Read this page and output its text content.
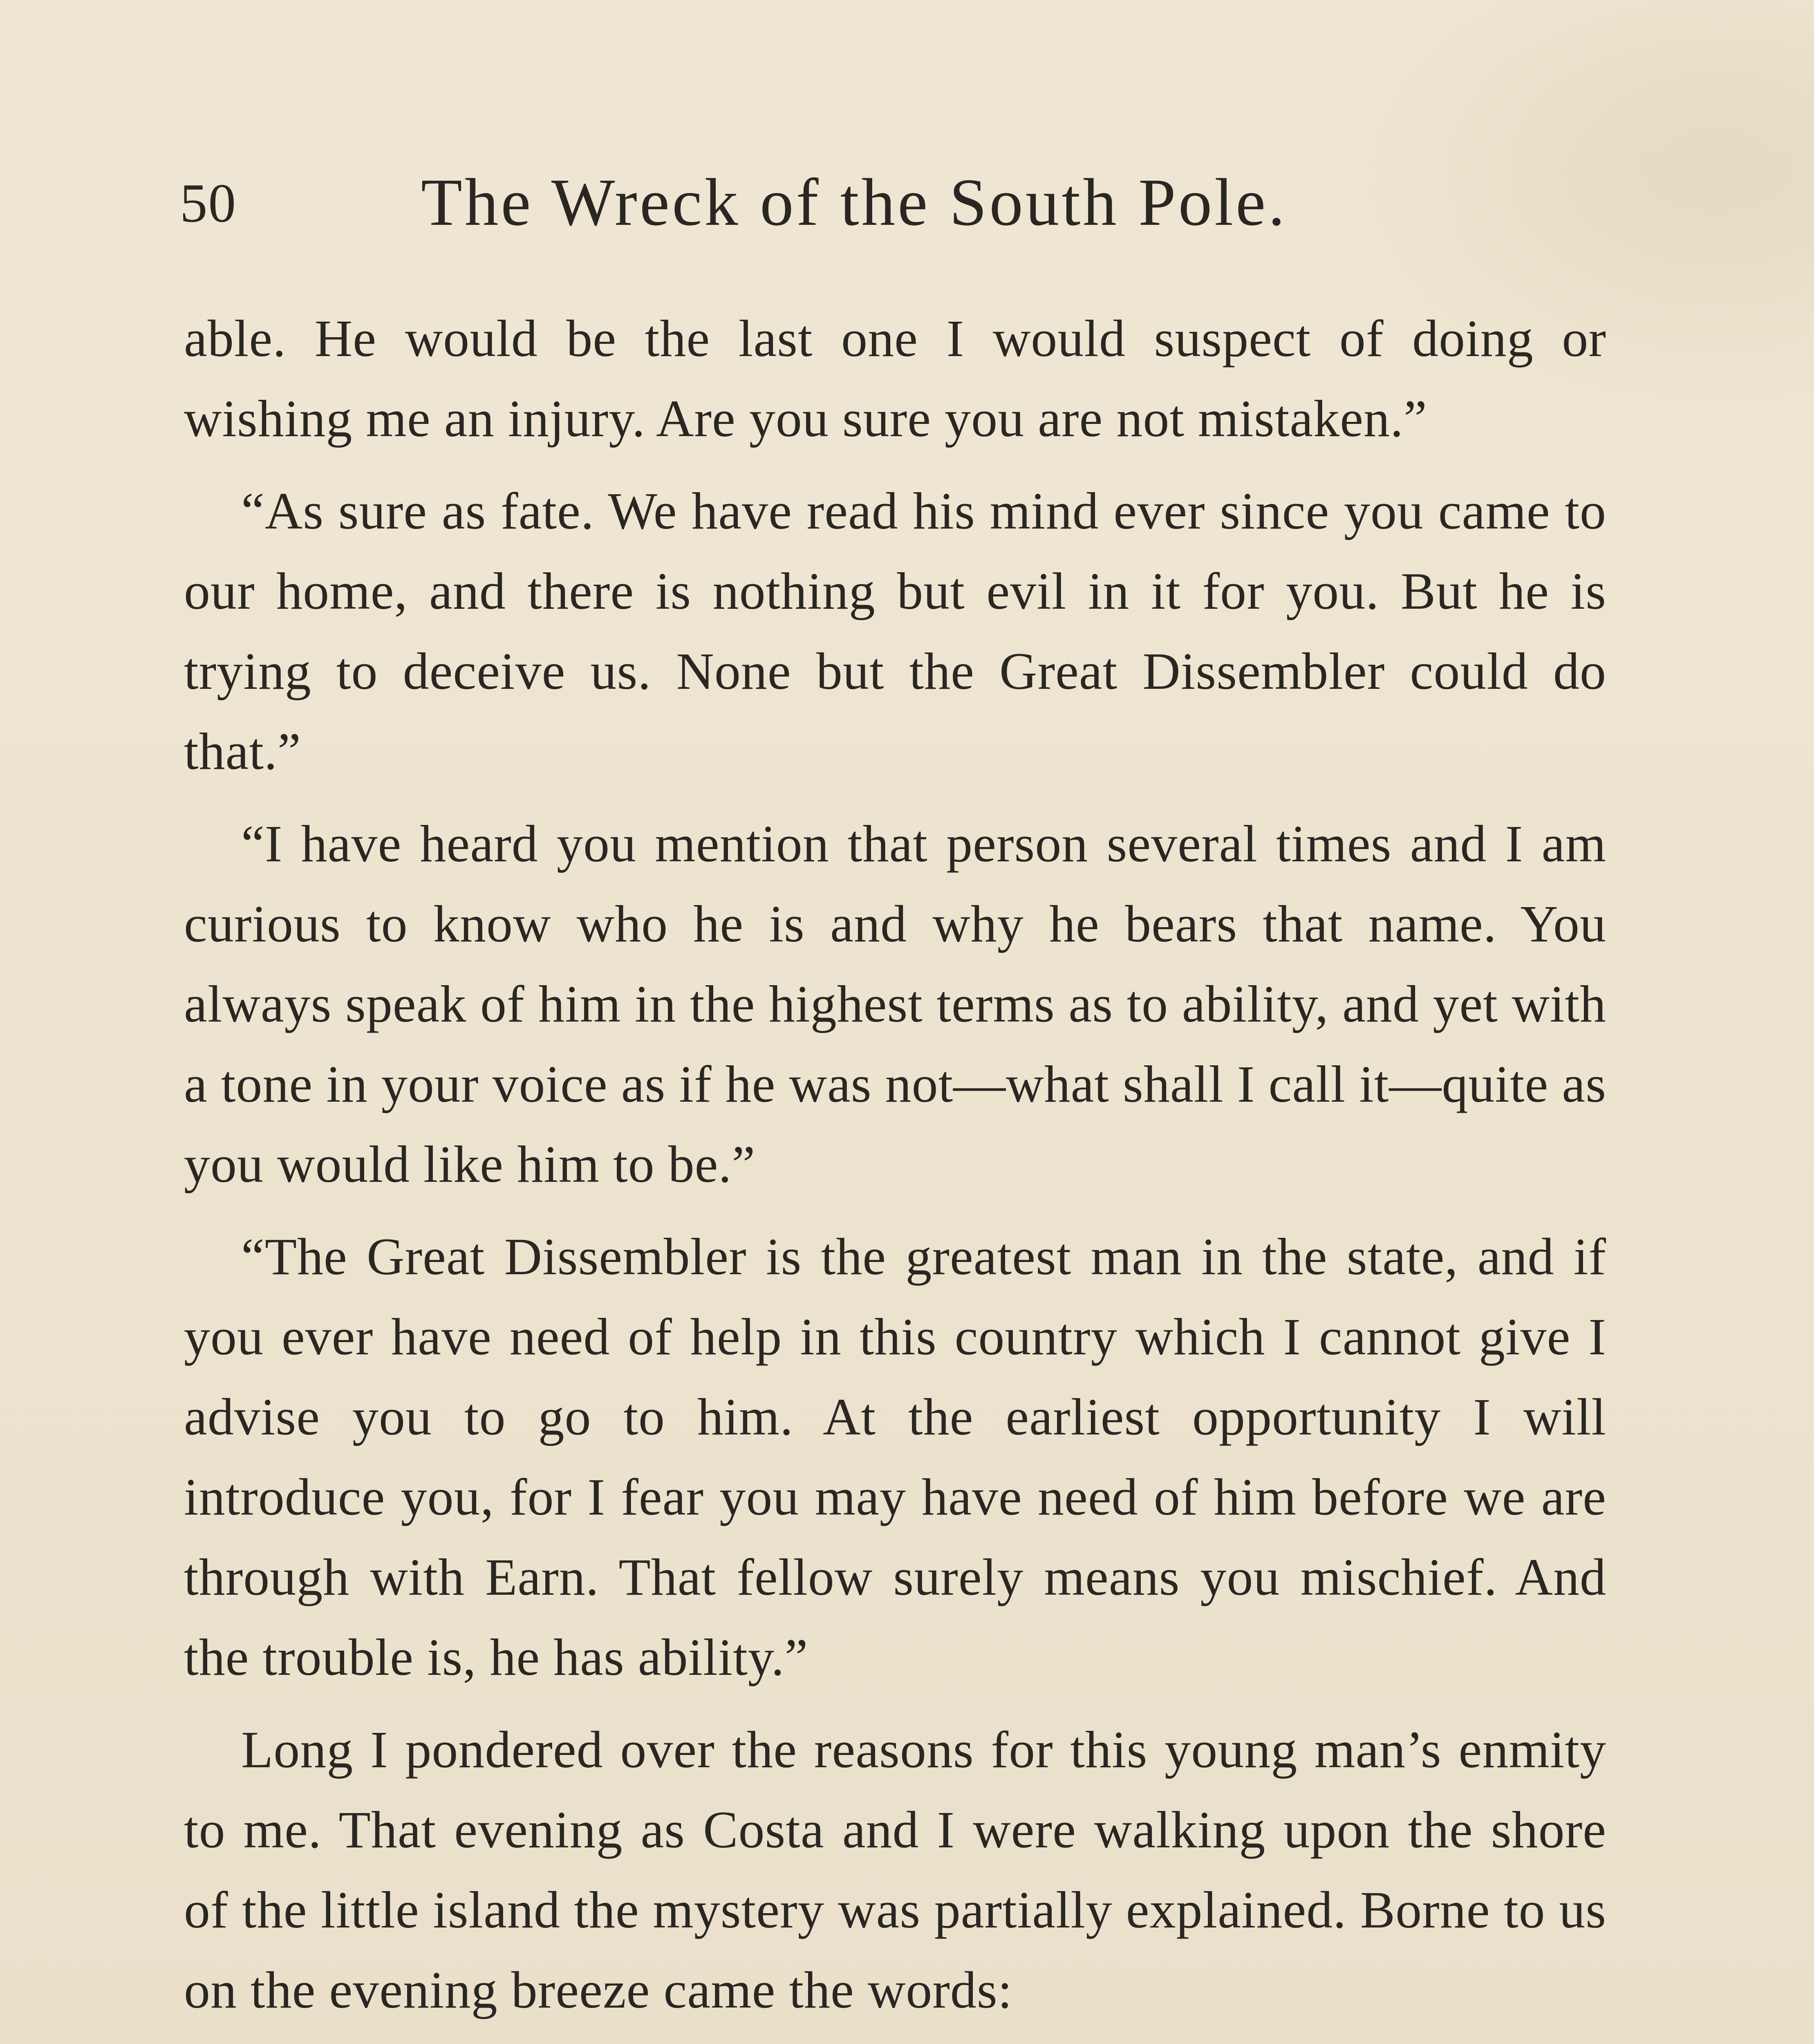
50	The Wreck of the South Pole.

able. He would be the last one I would suspect of doing or wishing me an injury. Are you sure you are not mistaken.”

“As sure as fate. We have read his mind ever since you came to our home, and there is nothing but evil in it for you. But he is trying to deceive us. None but the Great Dissembler could do that.”

“I have heard you mention that person several times and I am curious to know who he is and why he bears that name. You always speak of him in the highest terms as to ability, and yet with a tone in your voice as if he was not—what shall I call it—quite as you would like him to be.”

“The Great Dissembler is the greatest man in the state, and if you ever have need of help in this country which I cannot give I advise you to go to him. At the earliest opportunity I will introduce you, for I fear you may have need of him before we are through with Earn. That fellow surely means you mischief. And the trouble is, he has ability.”

Long I pondered over the reasons for this young man’s enmity to me. That evening as Costa and I were walking upon the shore of the little island the mystery was partially explained. Borne to us on the evening breeze came the words:
